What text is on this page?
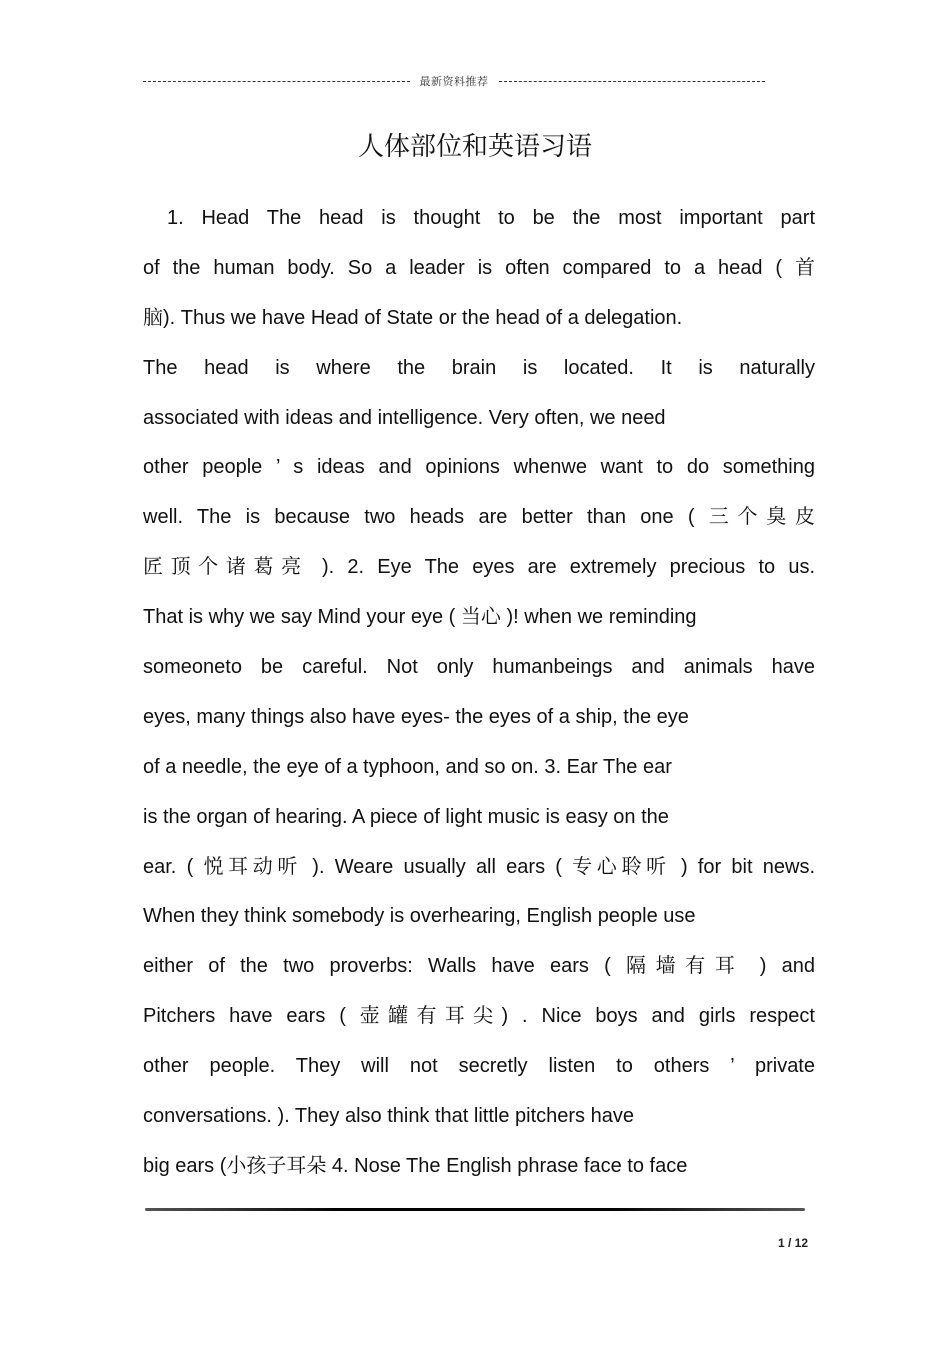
最新资料推荐
人体部位和英语习语
1. Head The head is thought to be the most important part
of the human body. So a leader is often compared to a head ( 首
脑). Thus we have Head of State or the head of a delegation.
The head is where the brain is located. It is naturally
associated with ideas and intelligence. Very often, we need
other people ’ s ideas and opinions whenwe want to do something
well. The is because two heads are better than one ( 三个臭皮
匠顶个诸葛亮 ). 2. Eye The eyes are extremely precious to us.
That is why we say Mind your eye ( 当心 )! when we reminding
someoneto be careful. Not only humanbeings and animals have
eyes, many things also have eyes- the eyes of a ship, the eye
of a needle, the eye of a typhoon, and so on. 3. Ear The ear
is the organ of hearing. A piece of light music is easy on the
ear. ( 悦耳动听 ). Weare usually all ears ( 专心聆听 ) for bit news.
When they think somebody is overhearing, English people use
either of the two proverbs: Walls have ears ( 隔墙有耳 ) and
Pitchers have ears ( 壶罐有耳尖) . Nice boys and girls respect
other people. They will not secretly listen to others ’ private
conversations. ). They also think that little pitchers have
big ears (小孩子耳朵 4. Nose The English phrase face to face
1 / 12
